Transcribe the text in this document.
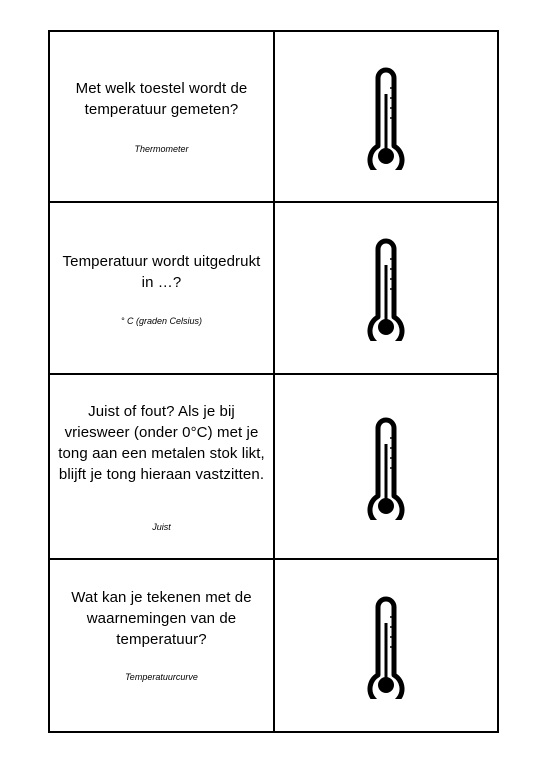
Met welk toestel wordt de temperatuur gemeten?
Thermometer
Temperatuur wordt uitgedrukt in …?
° C (graden Celsius)
Juist of fout? Als je bij vriesweer (onder 0°C) met je tong aan een metalen stok likt, blijft je tong hieraan vastzitten.
Juist
Wat kan je tekenen met de waarnemingen van de temperatuur?
Temperatuurcurve
